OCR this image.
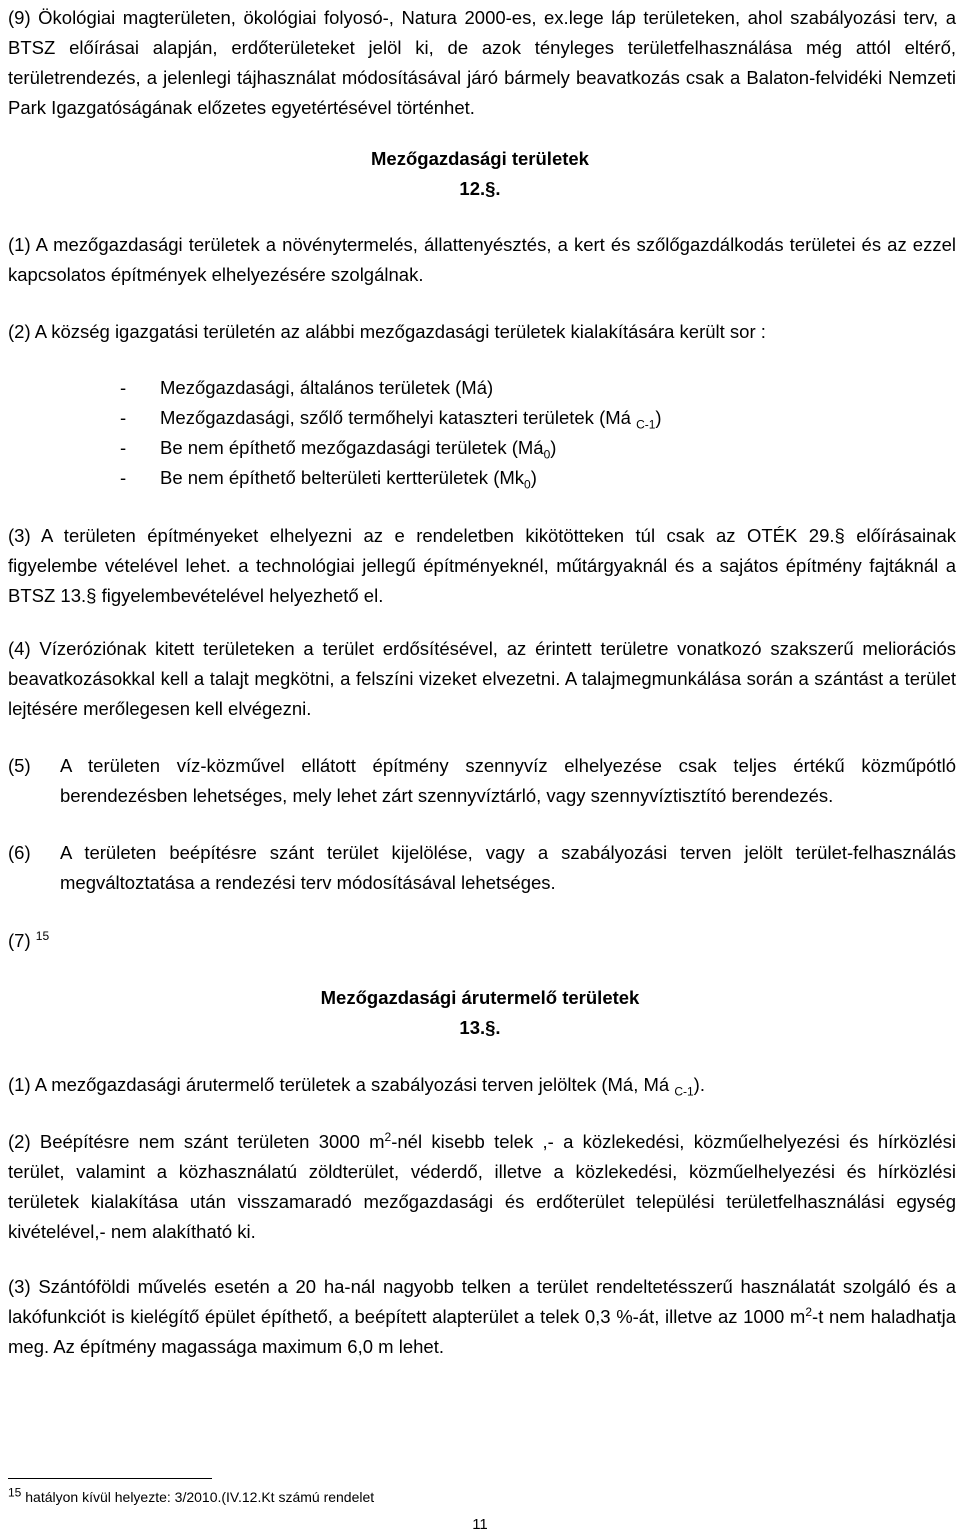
(9) Ökológiai magterületen, ökológiai folyosó-, Natura 2000-es, ex.lege láp területeken, ahol szabályozási terv, a BTSZ előírásai alapján, erdőterületeket jelöl ki, de azok tényleges területfelhasználása még attól eltérő, területrendezés, a jelenlegi tájhasználat módosításával járó bármely beavatkozás csak a Balaton-felvidéki Nemzeti Park Igazgatóságának előzetes egyetértésével történhet.
Mezőgazdasági területek
12.§.
(1) A mezőgazdasági területek a növénytermelés, állattenyésztés, a kert és szőlőgazdálkodás területei és az ezzel kapcsolatos építmények elhelyezésére szolgálnak.
(2) A község igazgatási területén az alábbi mezőgazdasági területek kialakítására került sor :
- Mezőgazdasági, általános területek (Má)
- Mezőgazdasági, szőlő termőhelyi kataszteri területek (Má $_{C-1}$)
- Be nem építhető mezőgazdasági területek $(Má_0)$
- Be nem építhető belterületi kertterületek $(Mk_0)$
(3) A területen építményeket elhelyezni az e rendeletben kikötötteken túl csak az OTÉK 29.§ előírásainak figyelembe vételével lehet. a technológiai jellegű építményeknél, műtárgyaknál és a sajátos építmény fajtáknál a BTSZ 13.§ figyelembevételével helyezhető el.
(4) Vízeróziónak kitett területeken a terület erdősítésével, az érintett területre vonatkozó szakszerű meliorációs beavatkozásokkal kell a talajt megkötni, a felszíni vizeket elvezetni. A talajmegmunkálása során a szántást a terület lejtésére merőlegesen kell elvégezni.
(5)	A területen víz-közművel ellátott építmény szennyvíz elhelyezése csak teljes értékű közműpótló berendezésben lehetséges, mely lehet zárt szennyvíztárló, vagy szennyvíztisztító berendezés.
(6)	A területen beépítésre szánt terület kijelölése, vagy a szabályozási terven jelölt terület-felhasználás megváltoztatása a rendezési terv módosításával lehetséges.
(7) $^{15}$
Mezőgazdasági árutermelő területek
13.§.
(1) A mezőgazdasági árutermelő területek a szabályozási terven jelöltek (Má, Má $_{C-1}$).
(2) Beépítésre nem szánt területen 3000 $m^2$-nél kisebb telek ,- a közlekedési, közműelhelyezési és hírközlési terület, valamint a közhasználatú zöldterület, véderdő, illetve a közlekedési, közműelhelyezési és hírközlési területek kialakítása után visszamaradó mezőgazdasági és erdőterület települési területfelhasználási egység kivételével,- nem alakítható ki.
(3) Szántóföldi művelés esetén a 20 ha-nál nagyobb telken a terület rendeltetésszerű használatát szolgáló és a lakófunkciót is kielégítő épület építhető, a beépített alapterület a telek 0,3 %-át, illetve az 1000 $m^2-t$ nem haladhatja meg. Az építmény magassága maximum 6,0 m lehet.
$^{15}$ hatályon kívül helyezte: 3/2010.(IV.12.Kt számú rendelet
11
